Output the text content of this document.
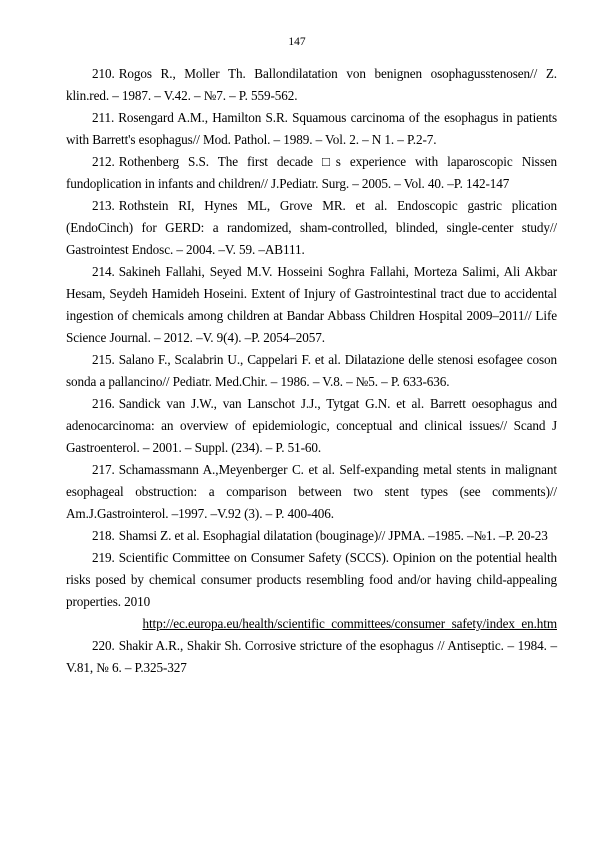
147

210. Rogos R., Moller Th. Ballondilatation von benignen osophagusstenosen// Z. klin.red. – 1987. – V.42. – №7. – P. 559-562.

211. Rosengard A.M., Hamilton S.R. Squamous carcinoma of the esophagus in patients with Barrett's esophagus// Mod. Pathol. – 1989. – Vol. 2. – N 1. – P.2-7.

212. Rothenberg S.S. The first decade □s experience with laparoscopic Nissen fundoplication in infants and children// J.Pediatr. Surg. – 2005. – Vol. 40. –P. 142-147

213. Rothstein RI, Hynes ML, Grove MR. et al. Endoscopic gastric plication (EndoCinch) for GERD: a randomized, sham-controlled, blinded, single-center study// Gastrointest Endosc. – 2004. –V. 59. –AB111.

214. Sakineh Fallahi, Seyed M.V. Hosseini Soghra Fallahi, Morteza Salimi, Ali Akbar Hesam, Seydeh Hamideh Hoseini. Extent of Injury of Gastrointestinal tract due to accidental ingestion of chemicals among children at Bandar Abbass Children Hospital 2009–2011// Life Science Journal. – 2012. –V. 9(4). –P. 2054–2057.

215. Salano F., Scalabrin U., Cappelari F. et al. Dilatazione delle stenosi esofagee coson sonda a pallancino// Pediatr. Med.Chir. – 1986. – V.8. – №5. – P. 633-636.

216. Sandick van J.W., van Lanschot J.J., Tytgat G.N. et al. Barrett oesophagus and adenocarcinoma: an overview of epidemiologic, conceptual and clinical issues// Scand J Gastroenterol. – 2001. – Suppl. (234). – P. 51-60.

217. Schamassmann A.,Meyenberger C. et al. Self-expanding metal stents in malignant esophageal obstruction: a comparison between two stent types (see comments)// Am.J.Gastrointerol. –1997. –V.92 (3). – P. 400-406.

218. Shamsi Z. et al. Esophagial dilatation (bouginage)// JPMA. –1985. –№1. –P. 20-23

219. Scientific Committee on Consumer Safety (SCCS). Opinion on the potential health risks posed by chemical consumer products resembling food and/or having child-appealing properties. 2010

http://ec.europa.eu/health/scientific_committees/consumer_safety/index_en.htm

220. Shakir A.R., Shakir Sh. Corrosive stricture of the esophagus // Antiseptic. – 1984. – V.81, № 6. – P.325-327
